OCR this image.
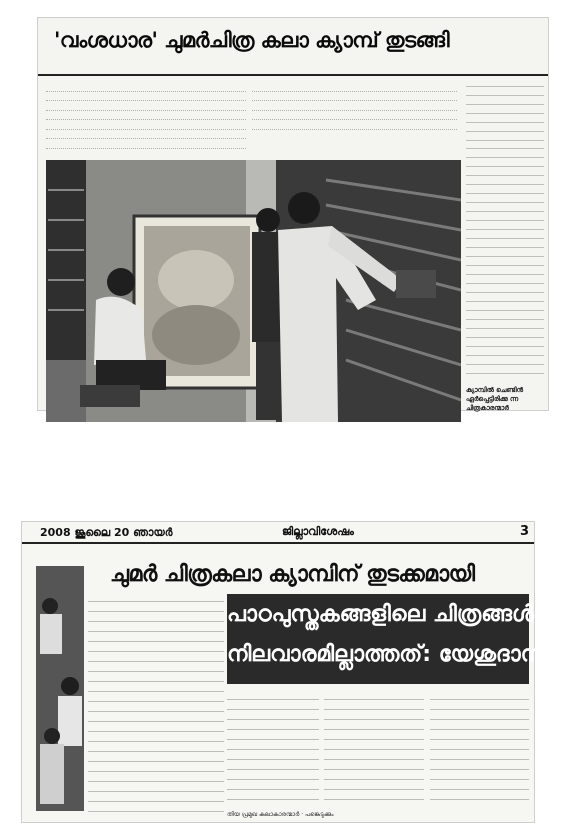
'വംശധാര' ചുമർചിത്ര കലാ ക്യാമ്പ് തുടങ്ങി
ക്യാമ്പിൽ ചെണ്ടിൻ ഏർപ്പെട്ടിരിക്കു ന്ന ചിത്രകാരന്മാർ
2008 ജൂലൈ 20 ഞായർ	ജില്ലാവിശേഷം	3
ചുമർ ചിത്രകലാ ക്യാമ്പിന് തുടക്കമായി
പാഠപുസ്തകങ്ങളിലെ ചിത്രങ്ങൾ
നിലവാരമില്ലാത്തത്: യേശുദാസൻ
തിയ പ്രമുഖ കലാകാരന്മാർ · പങ്കെടുക്കും
